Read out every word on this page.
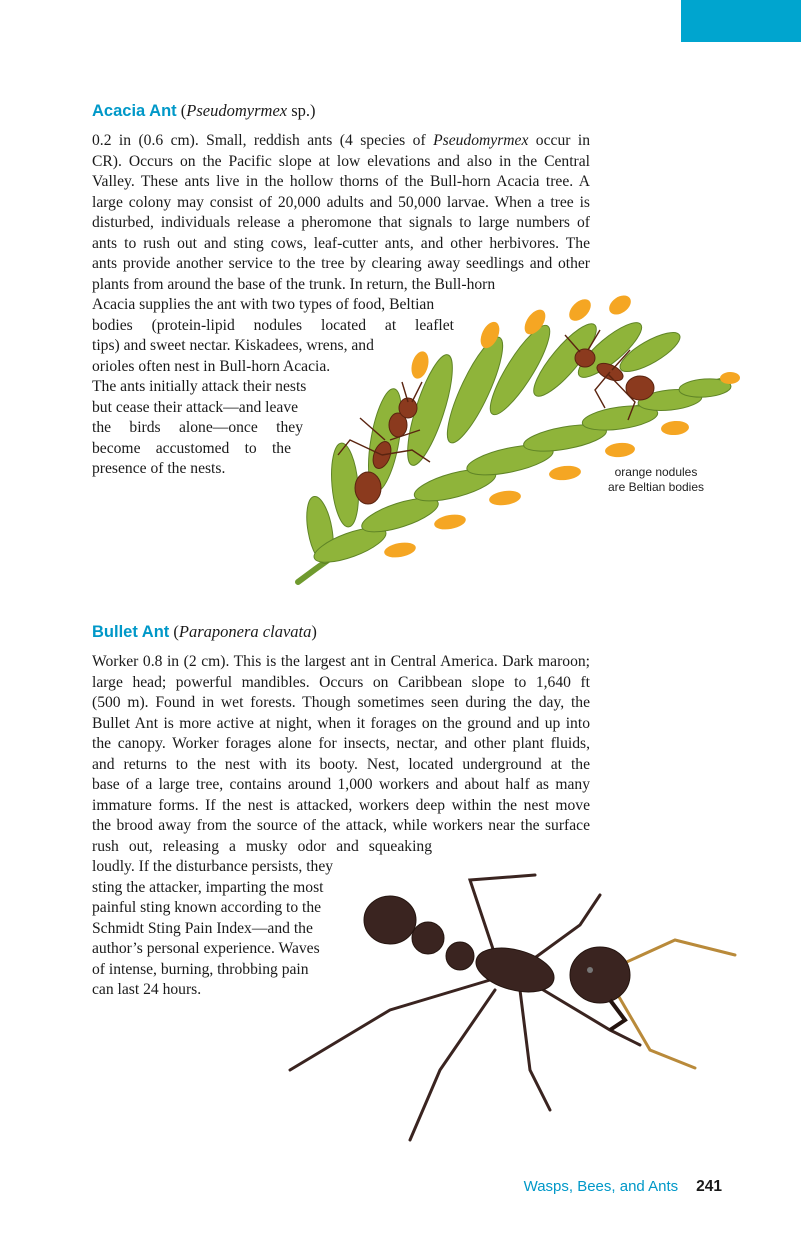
Acacia Ant (Pseudomyrmex sp.)
0.2 in (0.6 cm). Small, reddish ants (4 species of Pseudomyrmex occur in
CR). Occurs on the Pacific slope at low elevations and also in the Central
Valley. These ants live in the hollow thorns of the Bull-horn Acacia tree. A
large colony may consist of 20,000 adults and 50,000 larvae. When a tree is
disturbed, individuals release a pheromone that signals to large numbers of
ants to rush out and sting cows, leaf-cutter ants, and other herbivores. The
ants provide another service to the tree by clearing away seedlings and other
plants from around the base of the trunk. In return, the Bull-horn
Acacia supplies the ant with two types of food, Beltian
bodies (protein-lipid nodules located at leaflet
tips) and sweet nectar. Kiskadees, wrens, and
orioles often nest in Bull-horn Acacia.
The ants initially attack their nests
but cease their attack—and leave
the birds alone—once they
become accustomed to the
presence of the nests.	orange nodules
are Beltian bodies
Bullet Ant (Paraponera clavata)
Worker 0.8 in (2 cm). This is the largest ant in Central America. Dark maroon;
large head; powerful mandibles. Occurs on Caribbean slope to 1,640 ft
(500 m). Found in wet forests. Though sometimes seen during the day, the
Bullet Ant is more active at night, when it forages on the ground and up into
the canopy. Worker forages alone for insects, nectar, and other plant fluids,
and returns to the nest with its booty. Nest, located underground at the
base of a large tree, contains around 1,000 workers and about half as many
immature forms. If the nest is attacked, workers deep within the nest move
the brood away from the source of the attack, while workers near the surface
rush out, releasing a musky odor and squeaking
loudly. If the disturbance persists, they
sting the attacker, imparting the most
painful sting known according to the
Schmidt Sting Pain Index—and the
author’s personal experience. Waves
of intense, burning, throbbing pain
can last 24 hours.
Wasps, Bees, and Ants 241
